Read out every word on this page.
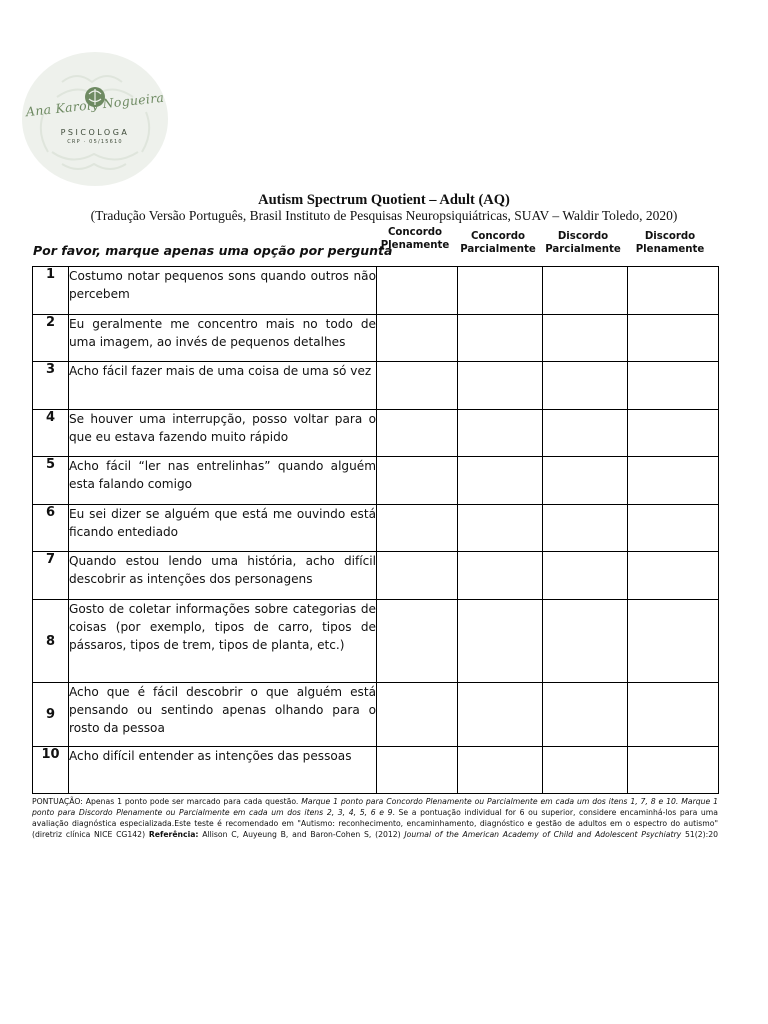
Ana Karoly Nogueira
PSICOLOGA
CRP · 05/15610
Autism Spectrum Quotient – Adult (AQ)
(Tradução Versão Português, Brasil Instituto de Pesquisas Neuropsiquiátricas, SUAV – Waldir Toledo, 2020)
Por favor, marque apenas uma opção por pergunta
Concordo
Plenamente
Concordo
Parcialmente
Discordo
Parcialmente
Discordo
Plenamente
1	Costumo notar pequenos sons quando outros não percebem				
2	Eu geralmente me concentro mais no todo de uma imagem, ao invés de pequenos detalhes				
3	Acho fácil fazer mais de uma coisa de uma só vez				
4	Se houver uma interrupção, posso voltar para o que eu estava fazendo muito rápido				
5	Acho fácil “ler nas entrelinhas” quando alguém esta falando comigo				
6	Eu sei dizer se alguém que está me ouvindo está ficando entediado				
7	Quando estou lendo uma história, acho difícil descobrir as intenções dos personagens				
8	Gosto de coletar informações sobre categorias de coisas (por exemplo, tipos de carro, tipos de pássaros, tipos de trem, tipos de planta, etc.)				
9	Acho que é fácil descobrir o que alguém está pensando ou sentindo apenas olhando para o rosto da pessoa				
10	Acho difícil entender as intenções das pessoas				
PONTUAÇÃO: Apenas 1 ponto pode ser marcado para cada questão. Marque 1 ponto para Concordo Plenamente ou Parcialmente em cada um dos itens 1, 7, 8 e 10. Marque 1 ponto para Discordo Plenamente ou Parcialmente em cada um dos itens 2, 3, 4, 5, 6 e 9. Se a pontuação individual for 6 ou superior, considere encaminhá-los para uma avaliação diagnóstica especializada.Este teste é recomendado em "Autismo: reconhecimento, encaminhamento, diagnóstico e gestão de adultos em o espectro do autismo" (diretriz clínica NICE CG142) Referência: Allison C, Auyeung B, and Baron-Cohen S, (2012) Journal of the American Academy of Child and Adolescent Psychiatry 51(2):20
